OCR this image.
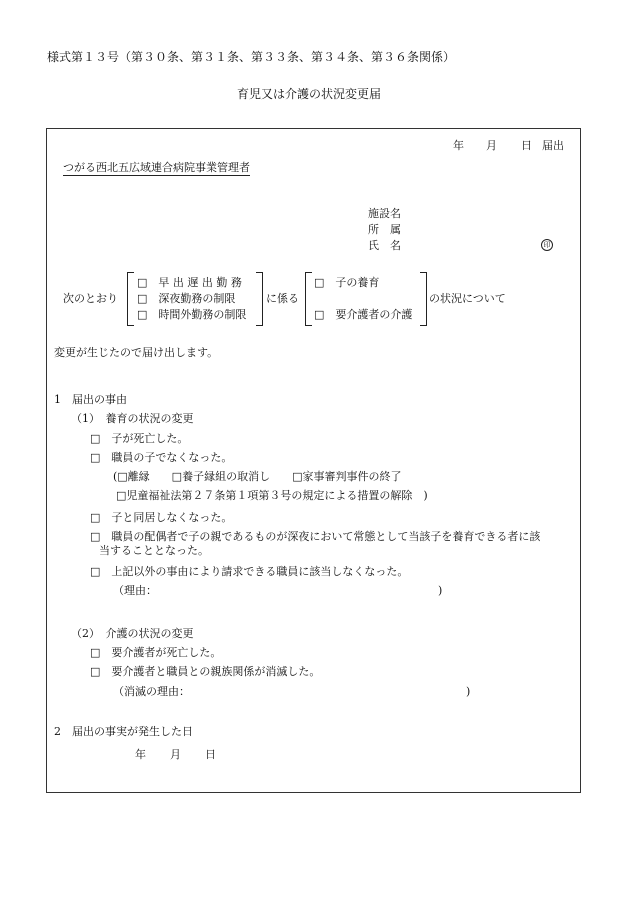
様式第１３号（第３０条、第３１条、第３３条、第３４条、第３６条関係）
育児又は介護の状況変更届
年 月 日 届出
つがる西北五広域連合病院事業管理者
施設名
所　属
氏　名	印
次のとおり
□　早 出 遅 出 勤 務
□　深夜勤務の制限
□　時間外勤務の制限
に係る
□　子の養育
□　要介護者の介護
の状況について
変更が生じたので届け出します。
1　届出の事由
（1）　養育の状況の変更
□　子が死亡した。
□　職員の子でなくなった。
(□離縁　　□養子縁組の取消し　　□家事審判事件の終了
□児童福祉法第２７条第１項第３号の規定による措置の解除　)
□　子と同居しなくなった。
□　職員の配偶者で子の親であるものが深夜において常態として当該子を養育できる者に該
当することとなった。
□　上記以外の事由により請求できる職員に該当しなくなった。
（理由：	)
（2）　介護の状況の変更
□　要介護者が死亡した。
□　要介護者と職員との親族関係が消滅した。
（消滅の理由：	)
2　届出の事実が発生した日
年 月 日
